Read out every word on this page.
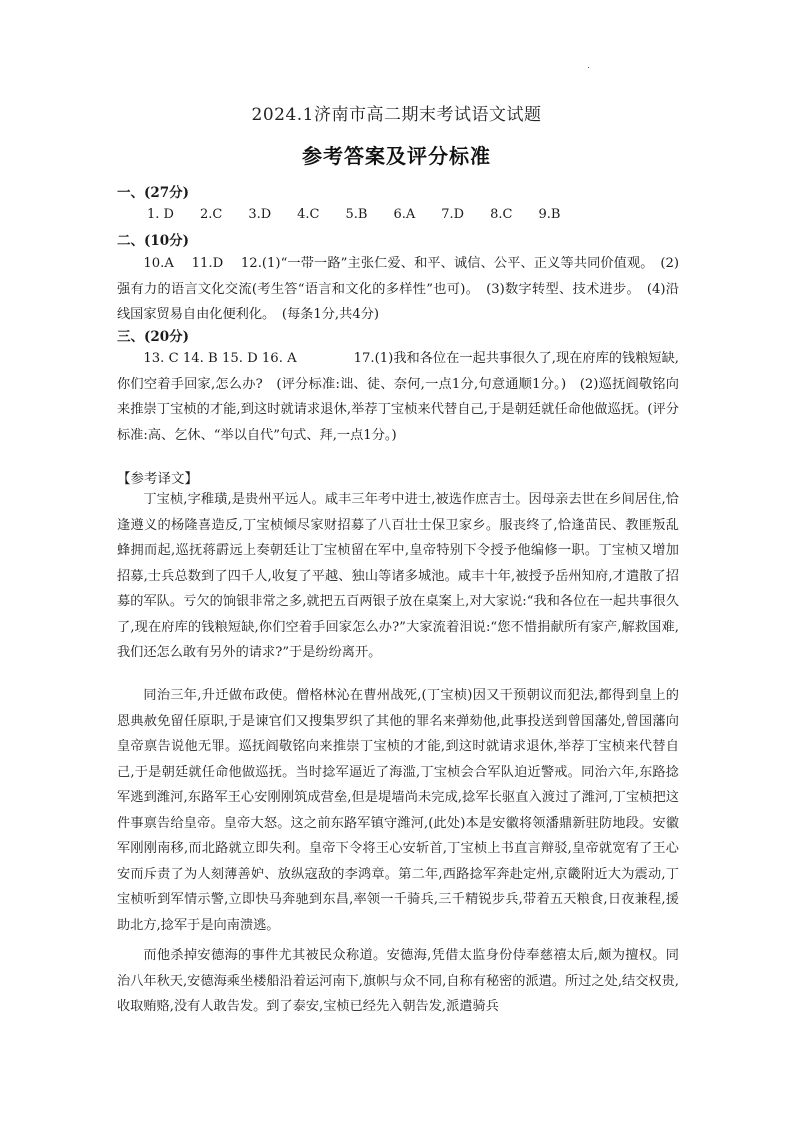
2024.1济南市高二期末考试语文试题
参考答案及评分标准
一、(27分)
1. D 2.C 3.D 4.C 5.B 6.A 7.D 8.C 9.B
二、(10分)
10.A　 11.D　 12.(1)“一带一路”主张仁爱、和平、诚信、公平、正义等共同价值观。　(2)强有力的语言文化交流(考生答“语言和文化的多样性”也可)。　(3)数字转型、技术进步。　(4)沿线国家贸易自由化便利化。　(每条1分,共4分)
三、(20分)
13. C 14. B 15. D 16. A　　　　 17.(1)我和各位在一起共事很久了,现在府库的钱粮短缺,你们空着手回家,怎么办?　(评分标准:诎、徒、奈何,一点1分,句意通顺1分。)　(2)巡抚阎敬铭向来推崇丁宝桢的才能,到这时就请求退休,举荐丁宝桢来代替自己,于是朝廷就任命他做巡抚。(评分标准:高、乞休、“举以自代”句式、拜,一点1分。)
【参考译文】
丁宝桢,字稚璜,是贵州平远人。咸丰三年考中进士,被选作庶吉士。因母亲去世在乡间居住,恰逢遵义的杨隆喜造反,丁宝桢倾尽家财招募了八百壮士保卫家乡。服丧终了,恰逢苗民、教匪叛乱蜂拥而起,巡抚蒋霨远上奏朝廷让丁宝桢留在军中,皇帝特别下令授予他编修一职。丁宝桢又增加招募,士兵总数到了四千人,收复了平越、独山等诸多城池。咸丰十年,被授予岳州知府,才遣散了招募的军队。亏欠的饷银非常之多,就把五百两银子放在桌案上,对大家说:“我和各位在一起共事很久了,现在府库的钱粮短缺,你们空着手回家怎么办?”大家流着泪说:“您不惜捐献所有家产,解救国难,我们还怎么敢有另外的请求?”于是纷纷离开。
同治三年,升迁做布政使。僧格林沁在曹州战死,(丁宝桢)因又干预朝议而犯法,都得到皇上的恩典赦免留任原职,于是谏官们又搜集罗织了其他的罪名来弹劾他,此事投送到曾国藩处,曾国藩向皇帝禀告说他无罪。巡抚阎敬铭向来推崇丁宝桢的才能,到这时就请求退休,举荐丁宝桢来代替自己,于是朝廷就任命他做巡抚。当时捻军逼近了海滥,丁宝桢会合军队迫近警戒。同治六年,东路捻军逃到潍河,东路军王心安刚刚筑成营垒,但是堤墙尚未完成,捻军长驱直入渡过了潍河,丁宝桢把这件事禀告给皇帝。皇帝大怒。这之前东路军镇守潍河,(此处)本是安徽将领潘鼎新驻防地段。安徽军刚刚南移,而北路就立即失利。皇帝下令将王心安斩首,丁宝桢上书直言辩驳,皇帝就宽宥了王心安而斥责了为人刻薄善妒、放纵寇敌的李鸿章。第二年,西路捻军奔赴定州,京畿附近大为震动,丁宝桢听到军情示警,立即快马奔驰到东昌,率领一千骑兵,三千精锐步兵,带着五天粮食,日夜兼程,援助北方,捻军于是向南溃逃。
而他杀掉安德海的事件尤其被民众称道。安德海,凭借太监身份侍奉慈禧太后,颇为擅权。同治八年秋天,安德海乘坐楼船沿着运河南下,旗帜与众不同,自称有秘密的派遣。所过之处,结交权贵,收取贿赂,没有人敢告发。到了泰安,宝桢已经先入朝告发,派遣骑兵
